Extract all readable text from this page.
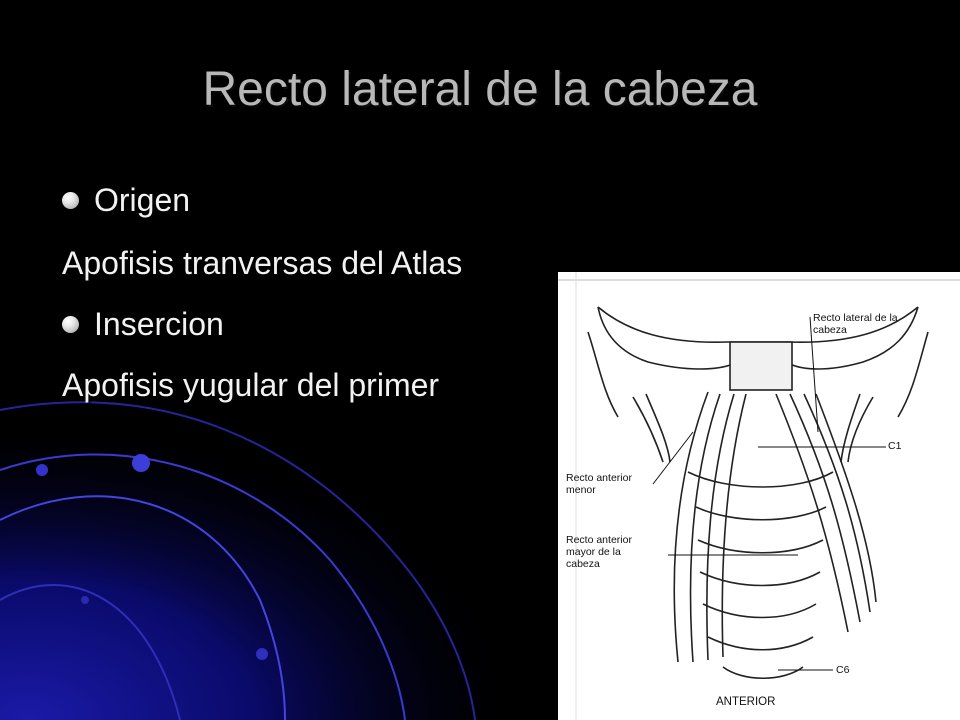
Recto lateral de la cabeza
Origen
Apofisis tranversas del Atlas
Insercion
Apofisis yugular del primer
Recto lateral de la
cabeza
C1
Recto anterior
menor
Recto anterior
mayor de la
cabeza
C6
ANTERIOR
